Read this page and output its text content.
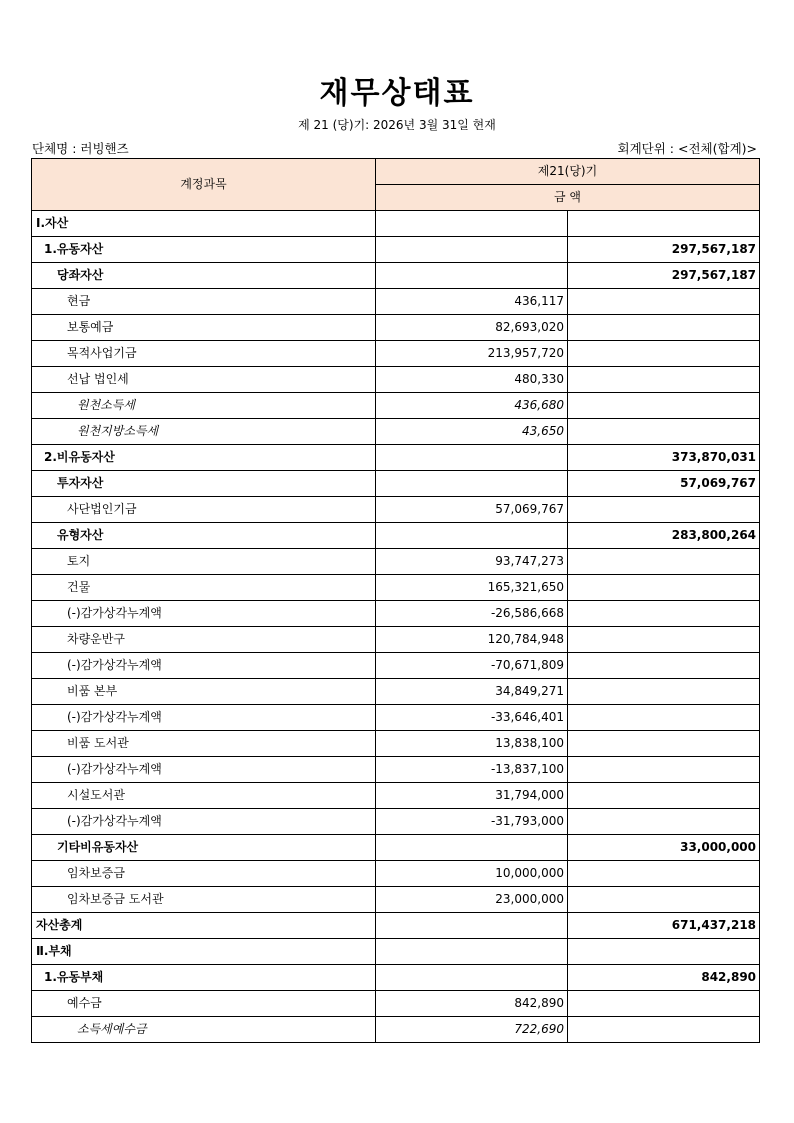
재무상태표
제 21 (당)기: 2026년 3월 31일 현재
단체명 : 러빙핸즈	회계단위 : <전체(합계)>
계정과목	제21(당)기	
	금 액	
Ⅰ.자산		
1.유동자산		297,567,187
당좌자산		297,567,187
현금	436,117	
보통예금	82,693,020	
목적사업기금	213,957,720	
선납 법인세	480,330	
원천소득세	436,680	
원천지방소득세	43,650	
2.비유동자산		373,870,031
투자자산		57,069,767
사단법인기금	57,069,767	
유형자산		283,800,264
토지	93,747,273	
건물	165,321,650	
(-)감가상각누계액	-26,586,668	
차량운반구	120,784,948	
(-)감가상각누계액	-70,671,809	
비품 본부	34,849,271	
(-)감가상각누계액	-33,646,401	
비품 도서관	13,838,100	
(-)감가상각누계액	-13,837,100	
시설도서관	31,794,000	
(-)감가상각누계액	-31,793,000	
기타비유동자산		33,000,000
임차보증금	10,000,000	
임차보증금 도서관	23,000,000	
자산총계		671,437,218
Ⅱ.부채		
1.유동부채		842,890
예수금	842,890	
소득세예수금	722,690	
